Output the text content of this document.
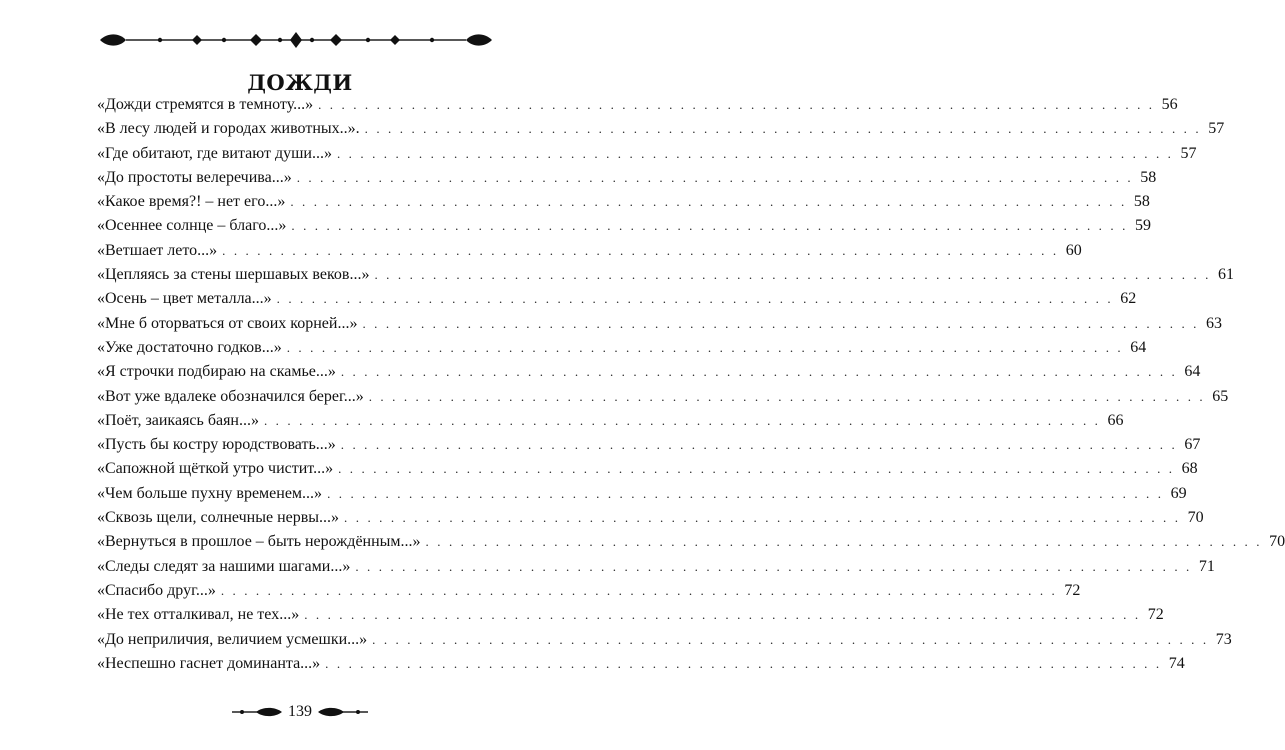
ДОЖДИ
«Дожди стремятся в темноту...» . . . . . . . . . . . . . . . . . . . . . . . . . . . . . . . . . . . . . . . . . . . . . . . . . . . . . . . . . . . . . . . . . . . . . . . . 56
«В лесу людей и городах животных..». . . . . . . . . . . . . . . . . . . . . . . . . . . . . . . . . . . . . . . . . . . . . . . . . . . . . . . . . . . . . . . . . . . . . . . . . 57
«Где обитают, где витают души...» . . . . . . . . . . . . . . . . . . . . . . . . . . . . . . . . . . . . . . . . . . . . . . . . . . . . . . . . . . . . . . . . . . . . . . . . 57
«До простоты велеречива...» . . . . . . . . . . . . . . . . . . . . . . . . . . . . . . . . . . . . . . . . . . . . . . . . . . . . . . . . . . . . . . . . . . . . . . . . 58
«Какое время?! – нет его...» . . . . . . . . . . . . . . . . . . . . . . . . . . . . . . . . . . . . . . . . . . . . . . . . . . . . . . . . . . . . . . . . . . . . . . . . 58
«Осеннее солнце – благо...» . . . . . . . . . . . . . . . . . . . . . . . . . . . . . . . . . . . . . . . . . . . . . . . . . . . . . . . . . . . . . . . . . . . . . . . . 59
«Ветшает лето...» . . . . . . . . . . . . . . . . . . . . . . . . . . . . . . . . . . . . . . . . . . . . . . . . . . . . . . . . . . . . . . . . . . . . . . . . 60
«Цепляясь за стены шершавых веков...» . . . . . . . . . . . . . . . . . . . . . . . . . . . . . . . . . . . . . . . . . . . . . . . . . . . . . . . . . . . . . . . . . . . . . . . . 61
«Осень – цвет металла...» . . . . . . . . . . . . . . . . . . . . . . . . . . . . . . . . . . . . . . . . . . . . . . . . . . . . . . . . . . . . . . . . . . . . . . . . 62
«Мне б оторваться от своих корней...» . . . . . . . . . . . . . . . . . . . . . . . . . . . . . . . . . . . . . . . . . . . . . . . . . . . . . . . . . . . . . . . . . . . . . . . . 63
«Уже достаточно годков...» . . . . . . . . . . . . . . . . . . . . . . . . . . . . . . . . . . . . . . . . . . . . . . . . . . . . . . . . . . . . . . . . . . . . . . . . 64
«Я строчки подбираю на скамье...» . . . . . . . . . . . . . . . . . . . . . . . . . . . . . . . . . . . . . . . . . . . . . . . . . . . . . . . . . . . . . . . . . . . . . . . . 64
«Вот уже вдалеке обозначился берег...» . . . . . . . . . . . . . . . . . . . . . . . . . . . . . . . . . . . . . . . . . . . . . . . . . . . . . . . . . . . . . . . . . . . . . . . . 65
«Поёт, заикаясь баян...» . . . . . . . . . . . . . . . . . . . . . . . . . . . . . . . . . . . . . . . . . . . . . . . . . . . . . . . . . . . . . . . . . . . . . . . . 66
«Пусть бы костру юродствовать...» . . . . . . . . . . . . . . . . . . . . . . . . . . . . . . . . . . . . . . . . . . . . . . . . . . . . . . . . . . . . . . . . . . . . . . . . 67
«Сапожной щёткой утро чистит...» . . . . . . . . . . . . . . . . . . . . . . . . . . . . . . . . . . . . . . . . . . . . . . . . . . . . . . . . . . . . . . . . . . . . . . . . 68
«Чем больше пухну временем...» . . . . . . . . . . . . . . . . . . . . . . . . . . . . . . . . . . . . . . . . . . . . . . . . . . . . . . . . . . . . . . . . . . . . . . . . 69
«Сквозь щели, солнечные нервы...» . . . . . . . . . . . . . . . . . . . . . . . . . . . . . . . . . . . . . . . . . . . . . . . . . . . . . . . . . . . . . . . . . . . . . . . . 70
«Вернуться в прошлое – быть нерождённым...» . . . . . . . . . . . . . . . . . . . . . . . . . . . . . . . . . . . . . . . . . . . . . . . . . . . . . . . . . . . . . . . . . . . . . . . . 70
«Следы следят за нашими шагами...» . . . . . . . . . . . . . . . . . . . . . . . . . . . . . . . . . . . . . . . . . . . . . . . . . . . . . . . . . . . . . . . . . . . . . . . . 71
«Спасибо друг...» . . . . . . . . . . . . . . . . . . . . . . . . . . . . . . . . . . . . . . . . . . . . . . . . . . . . . . . . . . . . . . . . . . . . . . . . 72
«Не тех отталкивал, не тех...» . . . . . . . . . . . . . . . . . . . . . . . . . . . . . . . . . . . . . . . . . . . . . . . . . . . . . . . . . . . . . . . . . . . . . . . . 72
«До неприличия, величием усмешки...» . . . . . . . . . . . . . . . . . . . . . . . . . . . . . . . . . . . . . . . . . . . . . . . . . . . . . . . . . . . . . . . . . . . . . . . . 73
«Неспешно гаснет доминанта...» . . . . . . . . . . . . . . . . . . . . . . . . . . . . . . . . . . . . . . . . . . . . . . . . . . . . . . . . . . . . . . . . . . . . . . . . 74
139
